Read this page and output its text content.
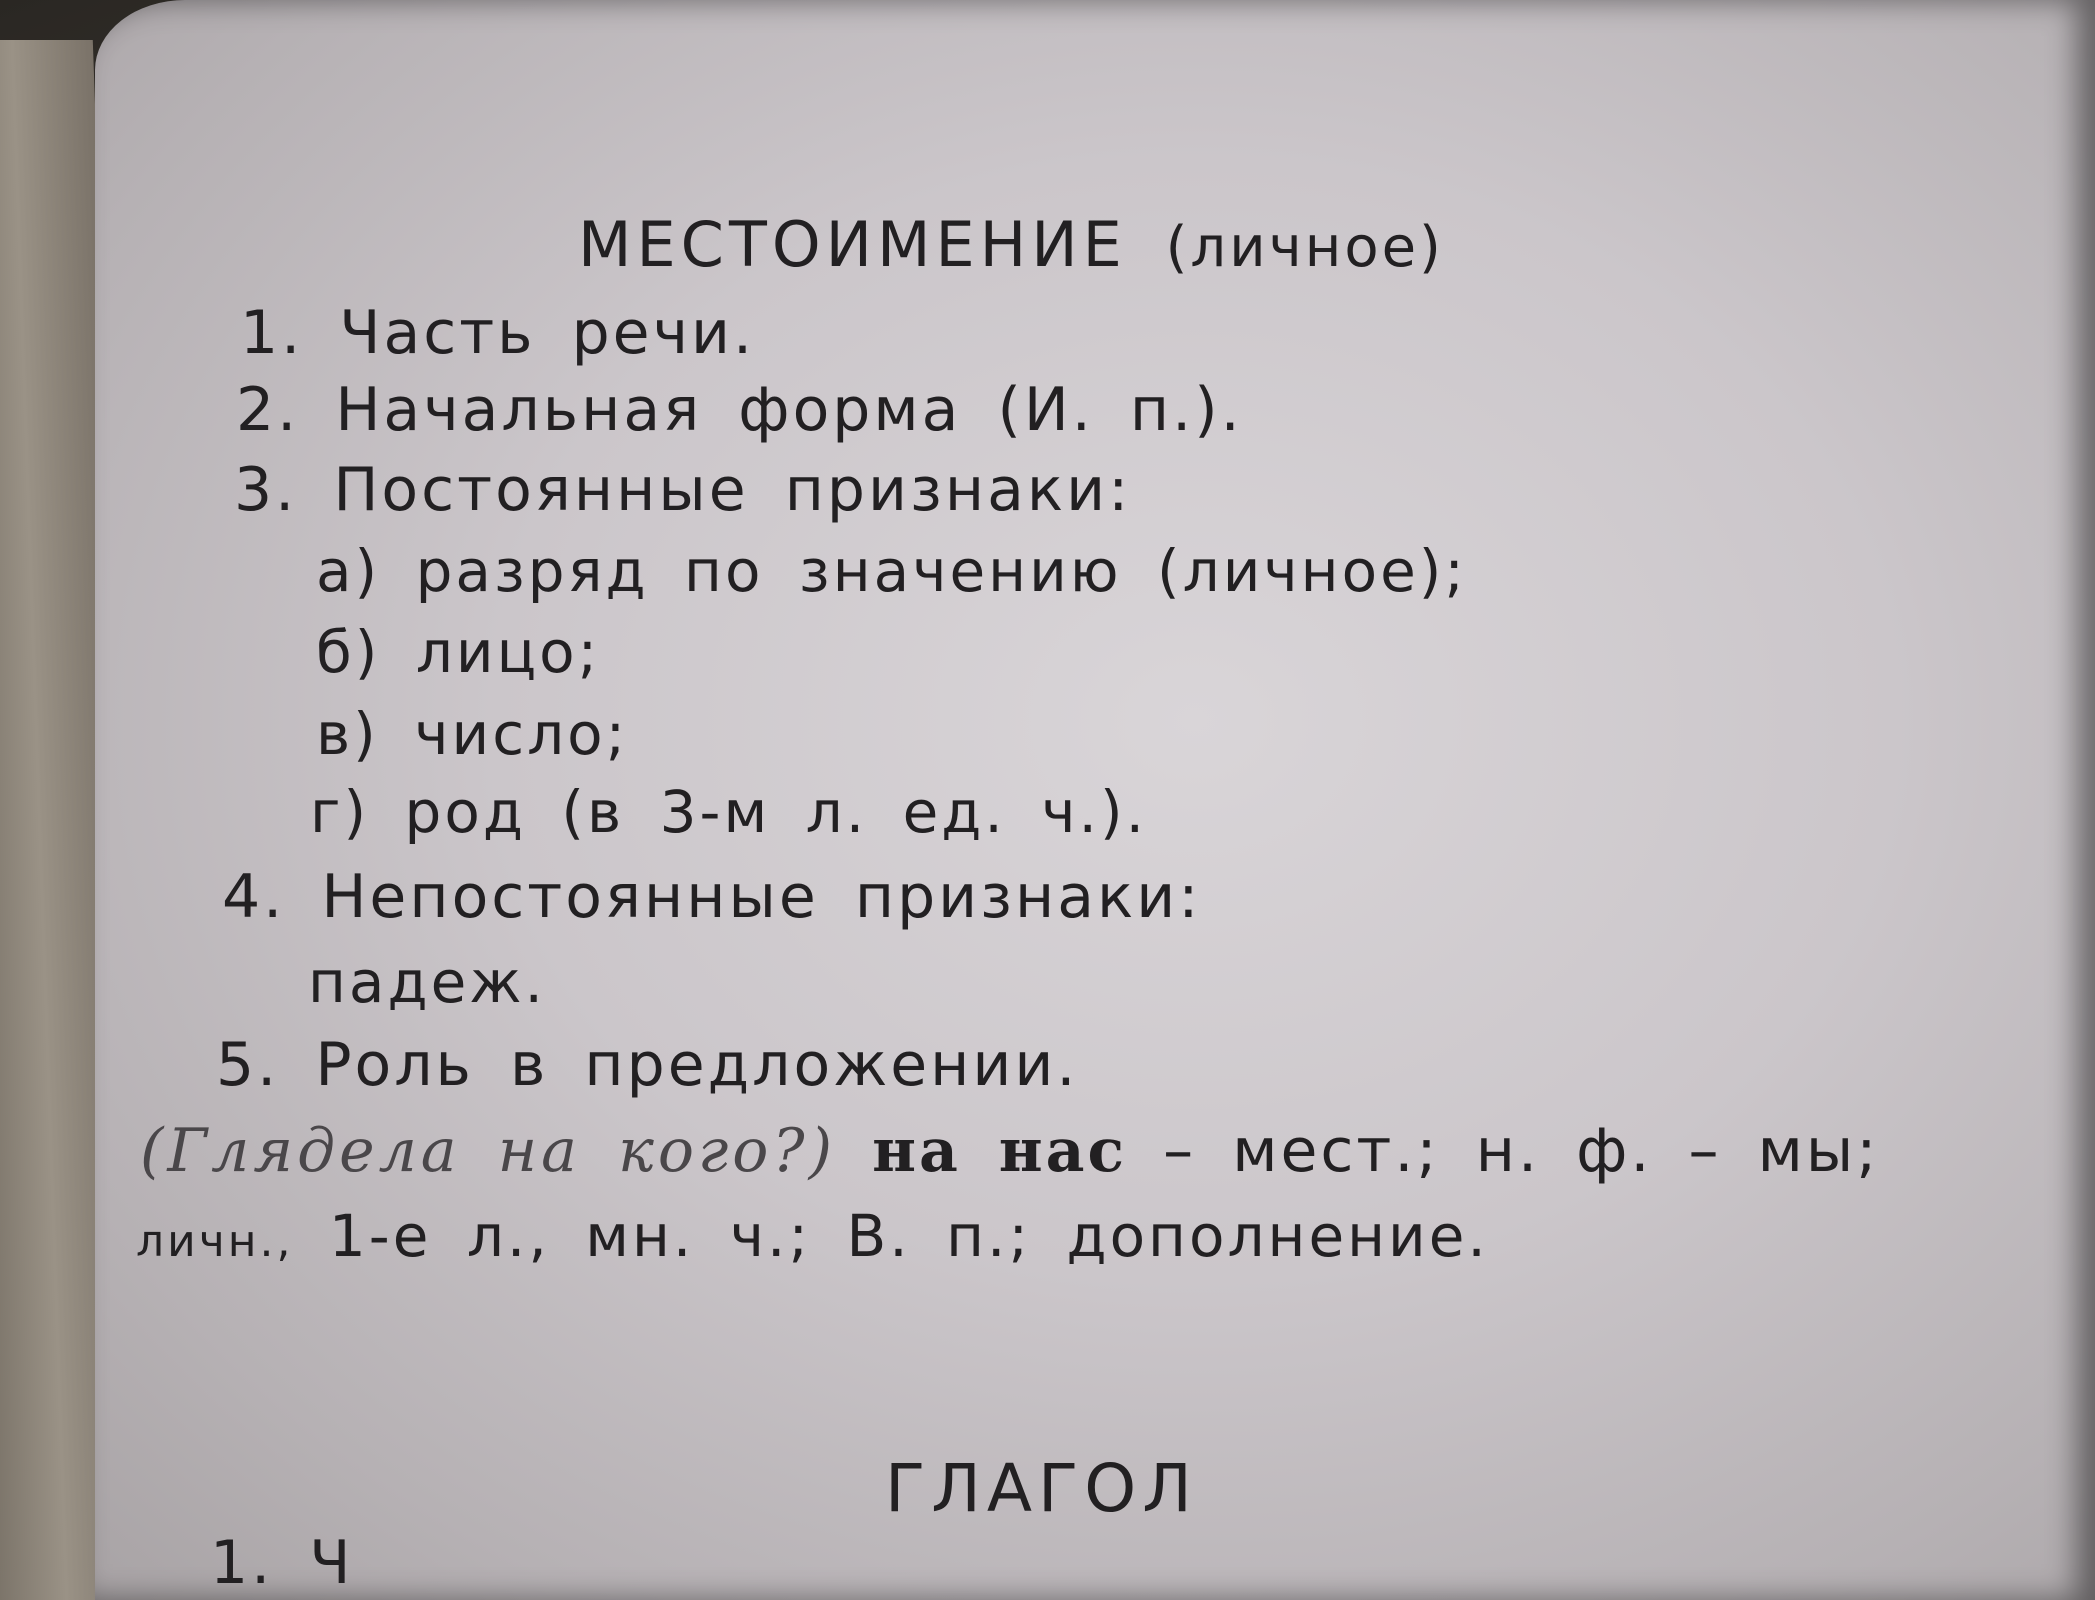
МЕСТОИМЕНИЕ (личное)
1. Часть речи.
2. Начальная форма (И. п.).
3. Постоянные признаки:
а) разряд по значению (личное);
б) лицо;
в) число;
г) род (в 3-м л. ед. ч.).
4. Непостоянные признаки:
падеж.
5. Роль в предложении.
(Глядела на кого?) на нас – мест.; н. ф. – мы;
личн., 1-е л., мн. ч.; В. п.; дополнение.
ГЛАГОЛ
1. Ч
